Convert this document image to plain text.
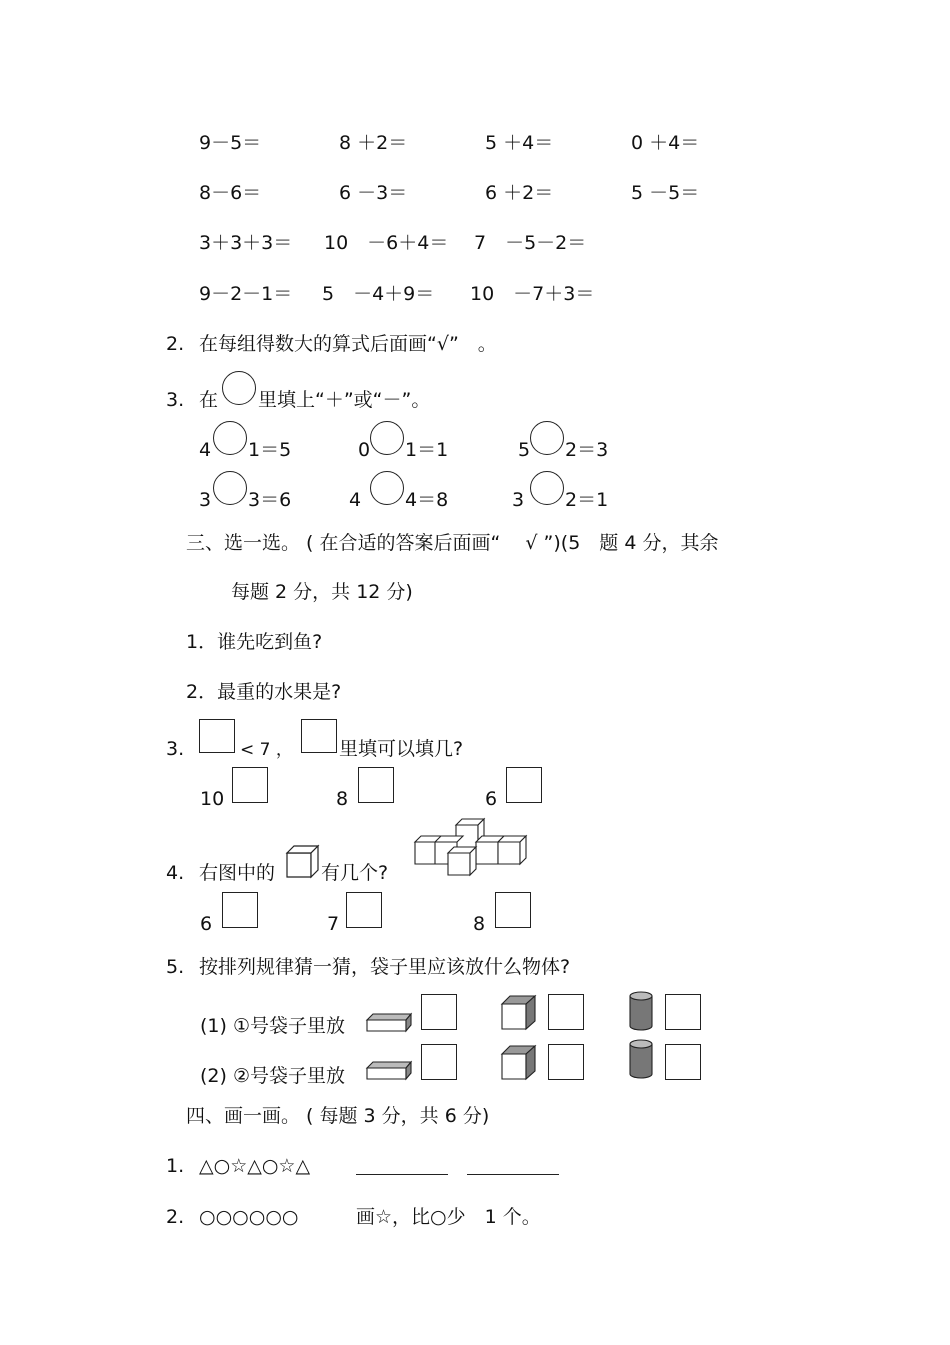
9－5＝	8 ＋2＝	5 ＋4＝	0 ＋4＝
8－6＝	6 －3＝	6 ＋2＝	5 －5＝
3＋3＋3＝ 10　－6＋4＝ 7　－5－2＝
9－2－1＝ 5　－4＋9＝ 10　－7＋3＝
2. 在每组得数大的算式后面画“√”　。
3. 在 里填上“＋”或“－”。
4 1＝5	0 1＝1	5 2＝3
3 3＝6	4 4＝8	3 2＝1
三、选一选。 ( 在合适的答案后面画“　 √ ”)(5　题 4 分，其余
每题 2 分，共 12 分)
1．谁先吃到鱼?
2．最重的水果是?
3.	< 7 ， 里填可以填几?
10	8	6
4. 右图中的 有几个?
6	7	8
5. 按排列规律猜一猜，袋子里应该放什么物体?
(1) ①号袋子里放
(2) ②号袋子里放
四、画一画。 ( 每题 3 分，共 6 分)
1. △○☆△○☆△
2. ○○○○○○	画☆，比○少　1 个。
